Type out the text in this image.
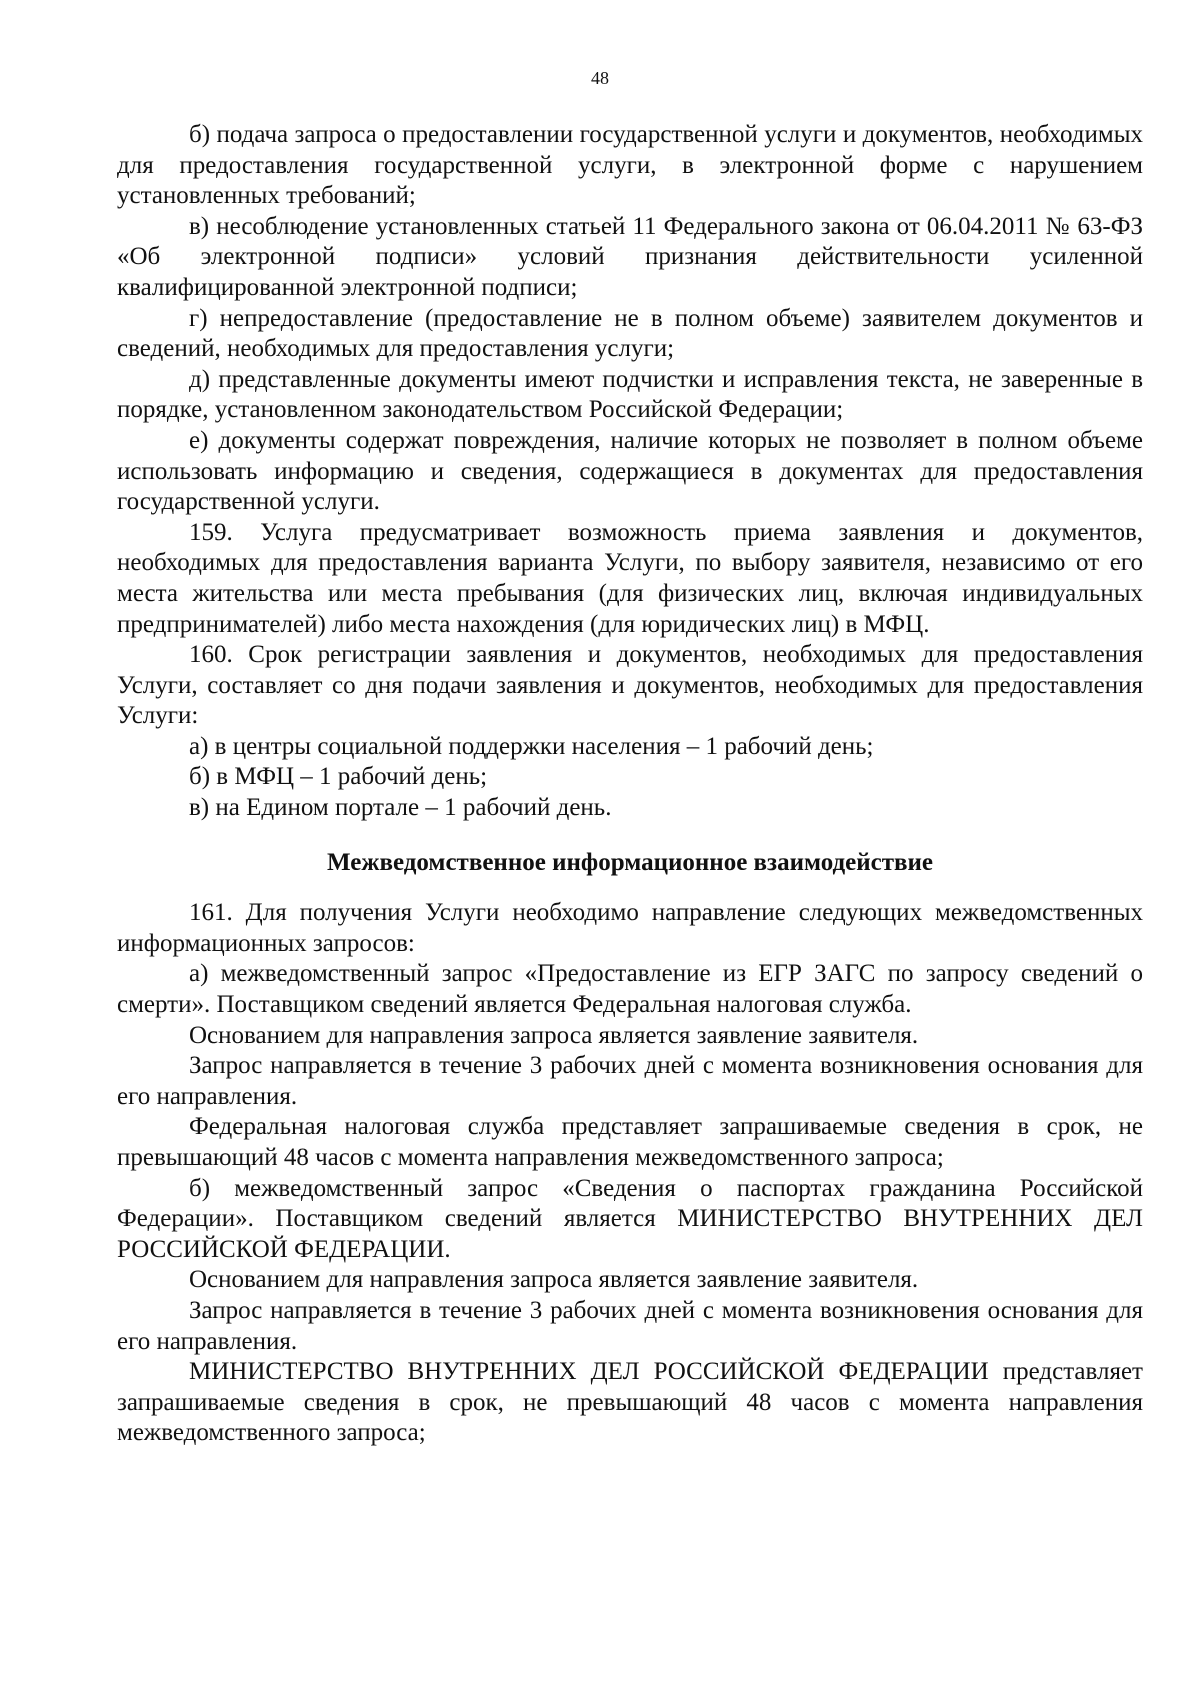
48

б) подача запроса о предоставлении государственной услуги и документов, необходимых для предоставления государственной услуги, в электронной форме с нарушением установленных требований;

в) несоблюдение установленных статьей 11 Федерального закона от 06.04.2011 № 63-ФЗ «Об электронной подписи» условий признания действительности усиленной квалифицированной электронной подписи;

г) непредоставление (предоставление не в полном объеме) заявителем документов и сведений, необходимых для предоставления услуги;

д) представленные документы имеют подчистки и исправления текста, не заверенные в порядке, установленном законодательством Российской Федерации;

е) документы содержат повреждения, наличие которых не позволяет в полном объеме использовать информацию и сведения, содержащиеся в документах для предоставления государственной услуги.

159. Услуга предусматривает возможность приема заявления и документов, необходимых для предоставления варианта Услуги, по выбору заявителя, независимо от его места жительства или места пребывания (для физических лиц, включая индивидуальных предпринимателей) либо места нахождения (для юридических лиц) в МФЦ.

160. Срок регистрации заявления и документов, необходимых для предоставления Услуги, составляет со дня подачи заявления и документов, необходимых для предоставления Услуги:

а) в центры социальной поддержки населения – 1 рабочий день;

б) в МФЦ – 1 рабочий день;

в) на Едином портале – 1 рабочий день.

Межведомственное информационное взаимодействие

161. Для получения Услуги необходимо направление следующих межведомственных информационных запросов:

а) межведомственный запрос «Предоставление из ЕГР ЗАГС по запросу сведений о смерти». Поставщиком сведений является Федеральная налоговая служба.

Основанием для направления запроса является заявление заявителя.

Запрос направляется в течение 3 рабочих дней с момента возникновения основания для его направления.

Федеральная налоговая служба представляет запрашиваемые сведения в срок, не превышающий 48 часов с момента направления межведомственного запроса;

б) межведомственный запрос «Сведения о паспортах гражданина Российской Федерации». Поставщиком сведений является МИНИСТЕРСТВО ВНУТРЕННИХ ДЕЛ РОССИЙСКОЙ ФЕДЕРАЦИИ.

Основанием для направления запроса является заявление заявителя.

Запрос направляется в течение 3 рабочих дней с момента возникновения основания для его направления.

МИНИСТЕРСТВО ВНУТРЕННИХ ДЕЛ РОССИЙСКОЙ ФЕДЕРАЦИИ представляет запрашиваемые сведения в срок, не превышающий 48 часов с момента направления межведомственного запроса;
